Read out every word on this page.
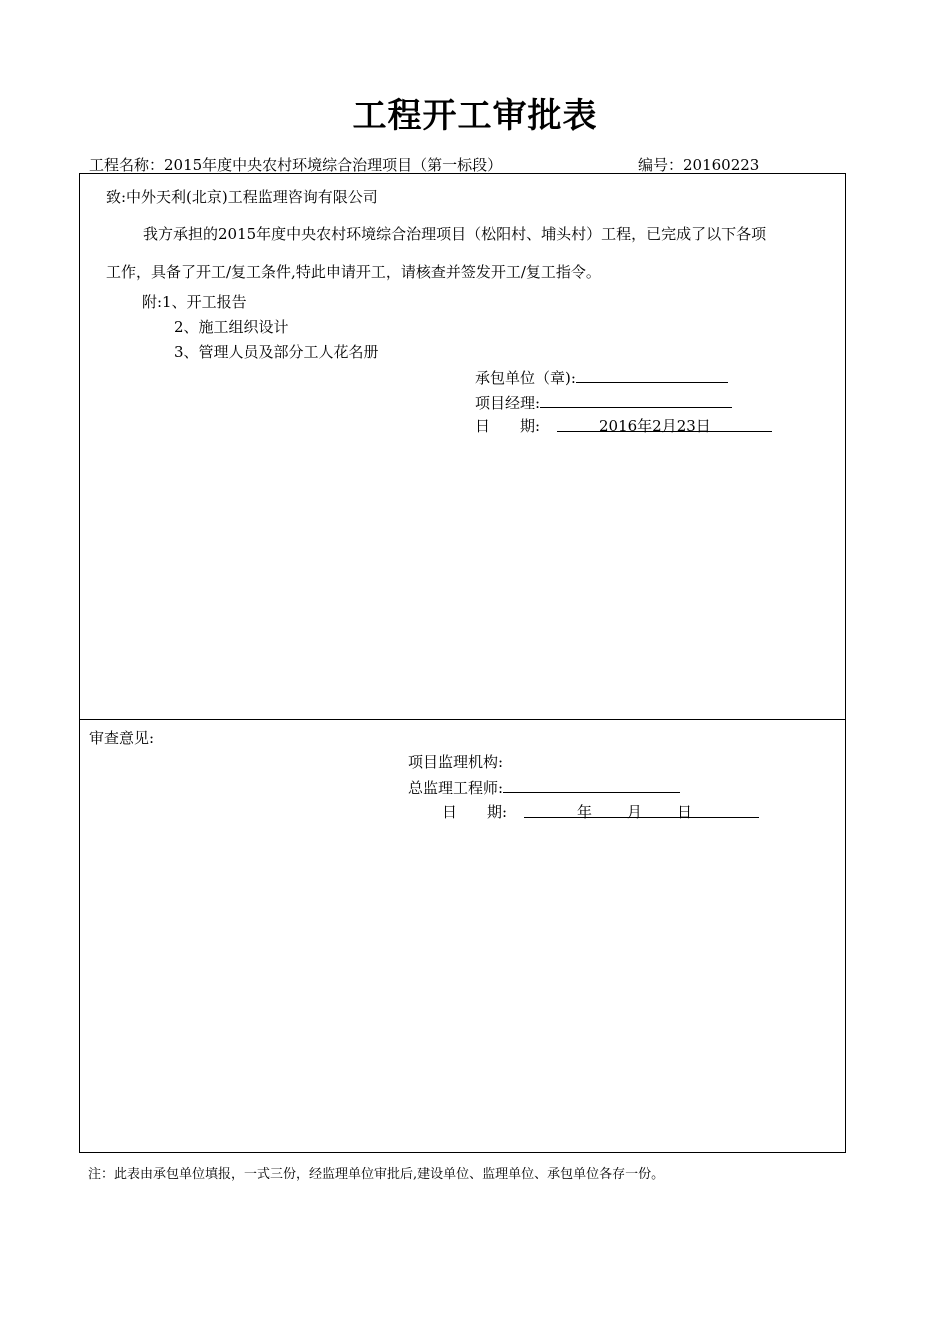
工程开工审批表
工程名称：2015年度中央农村环境综合治理项目（第一标段）	编号：20160223
致:中外天利(北京)工程监理咨询有限公司
我方承担的2015年度中央农村环境综合治理项目（松阳村、埔头村）工程，已完成了以下各项
工作，具备了开工/复工条件,特此申请开工，请核查并签发开工/复工指令。
附:1、开工报告
2、施工组织设计
3、管理人员及部分工人花名册
承包单位（章):
项目经理:
日　　期:	2016年2月23日
审查意见:
项目监理机构:
总监理工程师:
日　　期:	年 月 日
注：此表由承包单位填报，一式三份，经监理单位审批后,建设单位、监理单位、承包单位各存一份。
